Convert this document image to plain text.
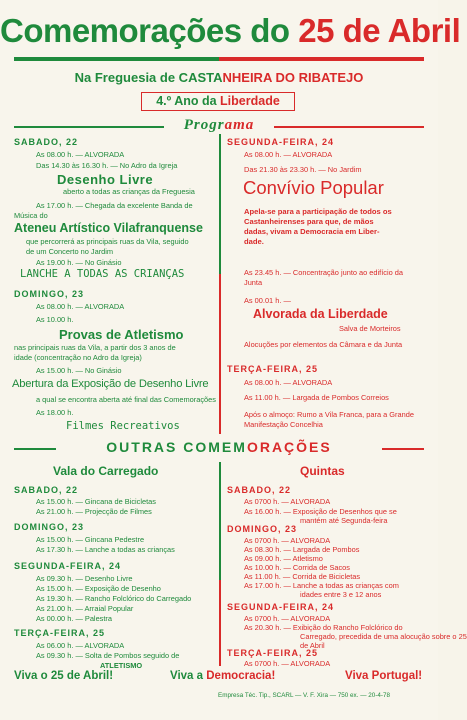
Comemorações do 25 de Abril
Na Freguesia de CASTANHEIRA DO RIBATEJO
4.º Ano da Liberdade
Programa
SABADO, 22
As 08.00 h. — ALVORADA
Das 14.30 às 16.30 h. — No Adro da Igreja
Desenho Livre
aberto a todas as crianças da Freguesia
As 17.00 h. — Chegada da excelente Banda de
Música do
Ateneu Artístico Vilafranquense
que percorrerá as principais ruas da Vila, seguido
de um Concerto no Jardim
As 19.00 h. — No Ginásio
LANCHE A TODAS AS CRIANÇAS
DOMINGO, 23
As 08.00 h. — ALVORADA
As 10.00 h.
Provas de Atletismo
nas principais ruas da Vila, a partir dos 3 anos de
idade (concentração no Adro da Igreja)
As 15.00 h. — No Ginásio
Abertura da Exposição de Desenho Livre
a qual se encontra aberta até final das Comemorações
As 18.00 h.
Filmes Recreativos
SEGUNDA-FEIRA, 24
As 08.00 h. — ALVORADA
Das 21.30 às 23.30 h. — No Jardim
Convívio Popular
Apela-se para a participação de todos os
Castanheirenses para que, de mãos
dadas, vivam a Democracia em Liber-
dade.
As 23.45 h. — Concentração junto ao edifício da
Junta
As 00.01 h. —
Alvorada da Liberdade
Salva de Morteiros
Alocuções por elementos da Câmara e da Junta
TERÇA-FEIRA, 25
As 08.00 h. — ALVORADA
As 11.00 h. — Largada de Pombos Correios
Após o almoço: Rumo a Vila Franca, para a Grande
Manifestação Concelhia
OUTRAS COMEMORAÇÕES
Vala do Carregado	Quintas
SABADO, 22
As 15.00 h. — Gincana de Bicicletas
As 21.00 h. — Projecção de Filmes
DOMINGO, 23
As 15.00 h. — Gincana Pedestre
As 17.30 h. — Lanche a todas as crianças
SEGUNDA-FEIRA, 24
As 09.30 h. — Desenho Livre
As 15.00 h. — Exposição de Desenho
As 19.30 h. — Rancho Folclórico do Carregado
As 21.00 h. — Arraial Popular
As 00.00 h. — Palestra
TERÇA-FEIRA, 25
As 06.00 h. — ALVORADA
As 09.30 h. — Solta de Pombos seguido de
ATLETISMO
SABADO, 22
As 0700 h. — ALVORADA
As 16.00 h. — Exposição de Desenhos que se
mantém até Segunda-feira
DOMINGO, 23
As 0700 h. — ALVORADA
As 08.30 h. — Largada de Pombos
As 09.00 h. — Atletismo
As 10.00 h. — Corrida de Sacos
As 11.00 h. — Corrida de Bicicletas
As 17.00 h. — Lanche a todas as crianças com
idades entre 3 e 12 anos
SEGUNDA-FEIRA, 24
As 0700 h. — ALVORADA
As 20.30 h. — Exibição do Rancho Folclórico do
Carregado, precedida de uma alocução sobre o 25
de Abril
TERÇA-FEIRA, 25
As 0700 h. — ALVORADA
Viva o 25 de Abril!	Viva a Democracia!	Viva Portugal!
Empresa Téc. Tip., SCARL — V. F. Xira — 750 ex. — 20-4-78
